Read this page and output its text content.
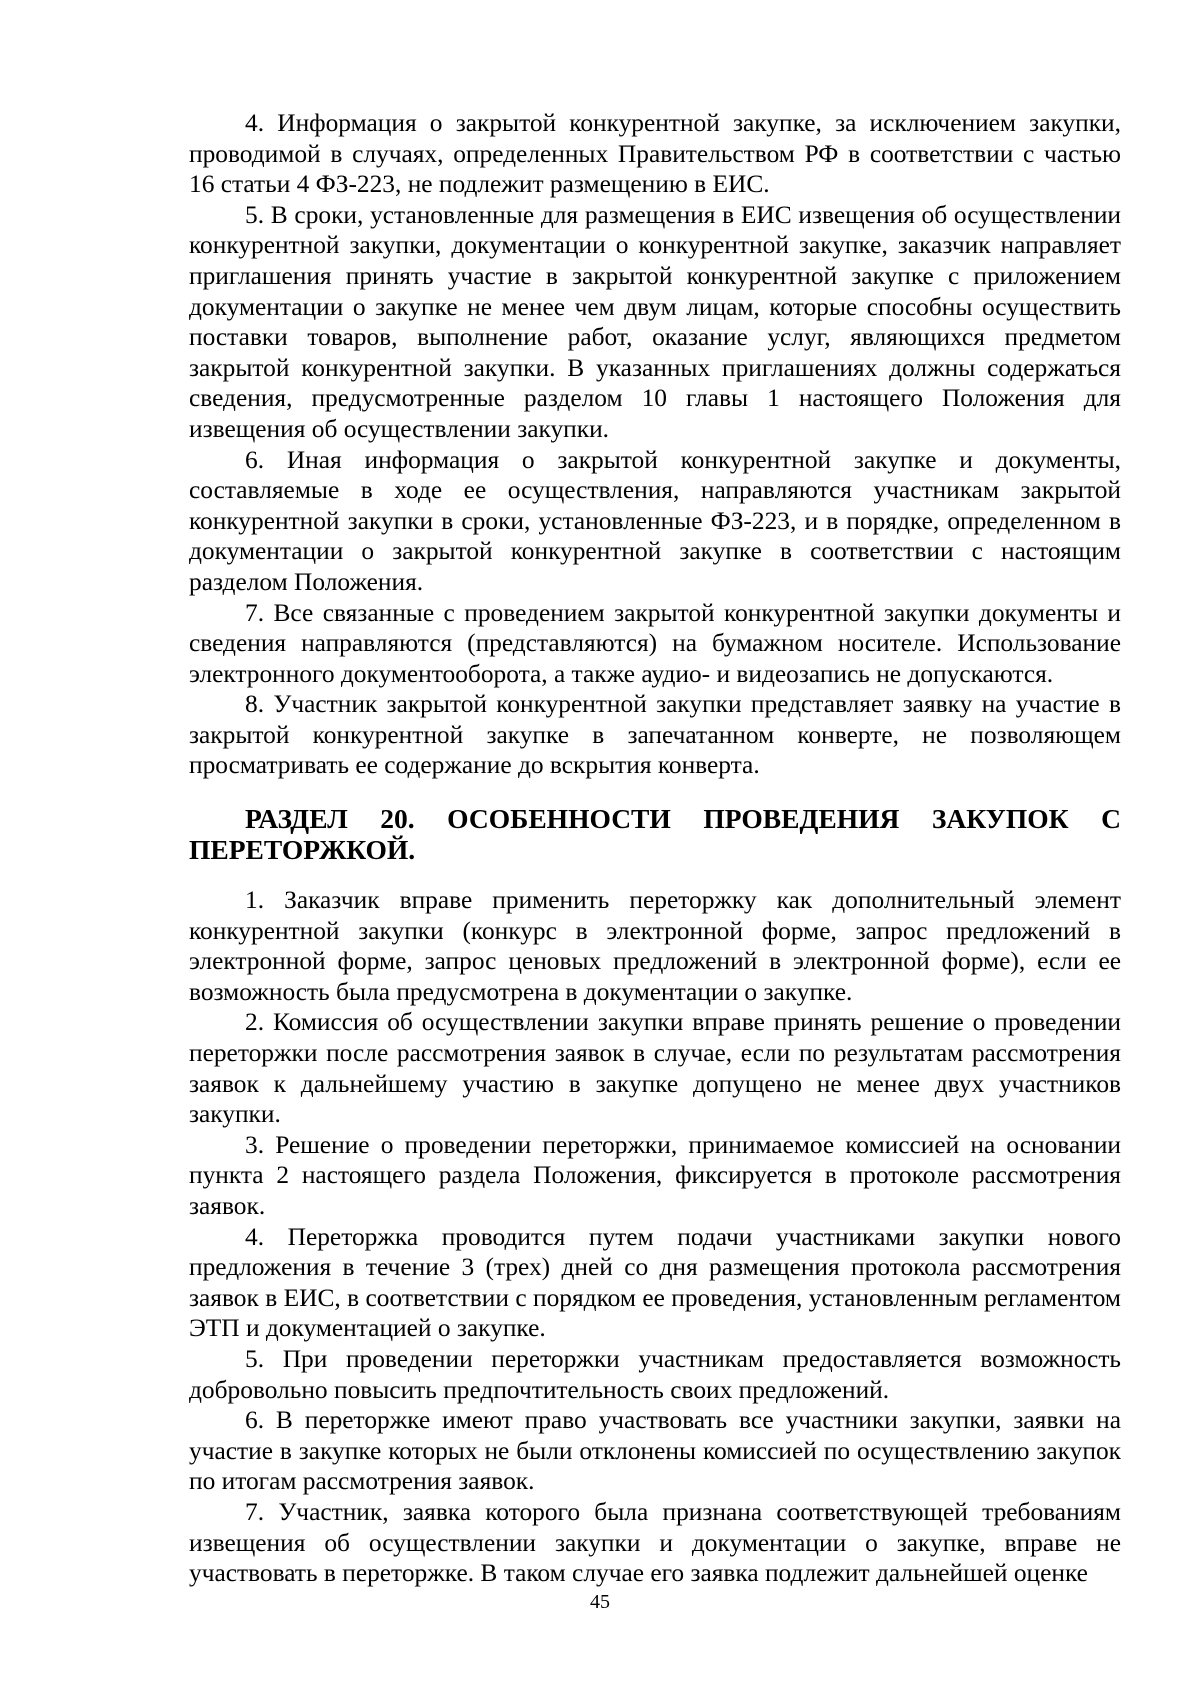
4. Информация о закрытой конкурентной закупке, за исключением закупки, проводимой в случаях, определенных Правительством РФ в соответствии с частью 16 статьи 4 ФЗ-223, не подлежит размещению в ЕИС.

5. В сроки, установленные для размещения в ЕИС извещения об осуществлении конкурентной закупки, документации о конкурентной закупке, заказчик направляет приглашения принять участие в закрытой конкурентной закупке с приложением документации о закупке не менее чем двум лицам, которые способны осуществить поставки товаров, выполнение работ, оказание услуг, являющихся предметом закрытой конкурентной закупки. В указанных приглашениях должны содержаться сведения, предусмотренные разделом 10 главы 1 настоящего Положения для извещения об осуществлении закупки.

6. Иная информация о закрытой конкурентной закупке и документы, составляемые в ходе ее осуществления, направляются участникам закрытой конкурентной закупки в сроки, установленные ФЗ-223, и в порядке, определенном в документации о закрытой конкурентной закупке в соответствии с настоящим разделом Положения.

7. Все связанные с проведением закрытой конкурентной закупки документы и сведения направляются (представляются) на бумажном носителе. Использование электронного документооборота, а также аудио- и видеозапись не допускаются.

8. Участник закрытой конкурентной закупки представляет заявку на участие в закрытой конкурентной закупке в запечатанном конверте, не позволяющем просматривать ее содержание до вскрытия конверта.

РАЗДЕЛ 20. ОСОБЕННОСТИ ПРОВЕДЕНИЯ ЗАКУПОК С ПЕРЕТОРЖКОЙ.

1. Заказчик вправе применить переторжку как дополнительный элемент конкурентной закупки (конкурс в электронной форме, запрос предложений в электронной форме, запрос ценовых предложений в электронной форме), если ее возможность была предусмотрена в документации о закупке.

2. Комиссия об осуществлении закупки вправе принять решение о проведении переторжки после рассмотрения заявок в случае, если по результатам рассмотрения заявок к дальнейшему участию в закупке допущено не менее двух участников закупки.

3. Решение о проведении переторжки, принимаемое комиссией на основании пункта 2 настоящего раздела Положения, фиксируется в протоколе рассмотрения заявок.

4. Переторжка проводится путем подачи участниками закупки нового предложения в течение 3 (трех) дней со дня размещения протокола рассмотрения заявок в ЕИС, в соответствии с порядком ее проведения, установленным регламентом ЭТП и документацией о закупке.

5. При проведении переторжки участникам предоставляется возможность добровольно повысить предпочтительность своих предложений.

6. В переторжке имеют право участвовать все участники закупки, заявки на участие в закупке которых не были отклонены комиссией по осуществлению закупок по итогам рассмотрения заявок.

7. Участник, заявка которого была признана соответствующей требованиям извещения об осуществлении закупки и документации о закупке, вправе не участвовать в переторжке. В таком случае его заявка подлежит дальнейшей оценке

45
